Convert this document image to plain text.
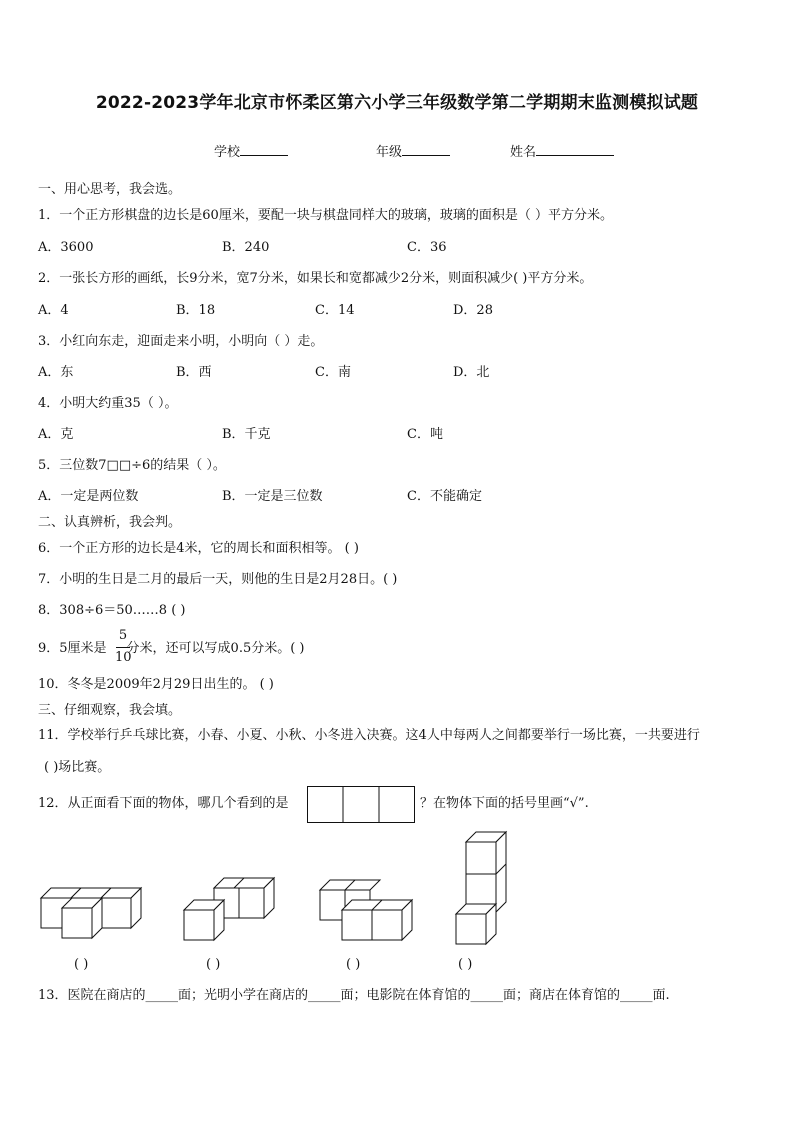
2022-2023学年北京市怀柔区第六小学三年级数学第二学期期末监测模拟试题
学校	年级	姓名
一、用心思考，我会选。
1．一个正方形棋盘的边长是60厘米，要配一块与棋盘同样大的玻璃，玻璃的面积是（ ）平方分米。
A．3600	B．240	C．36
2．一张长方形的画纸，长9分米，宽7分米，如果长和宽都减少2分米，则面积减少( )平方分米。
A．4	B．18	C．14	D．28
3．小红向东走，迎面走来小明，小明向（ ）走。
A．东	B．西	C．南	D．北
4．小明大约重35（ ）。
A．克	B．千克	C．吨
5．三位数7□□÷6的结果（ ）。
A．一定是两位数	B．一定是三位数	C．不能确定
二、认真辨析，我会判。
6．一个正方形的边长是4米，它的周长和面积相等。 ( )
7．小明的生日是二月的最后一天，则他的生日是2月28日。( )
8．308÷6＝50……8 ( )
9．5厘米是 分米，还可以写成0.5分米。( )
5
10
10．冬冬是2009年2月29日出生的。 ( )
三、仔细观察，我会填。
11．学校举行乒乓球比赛，小春、小夏、小秋、小冬进入决赛。这4人中每两人之间都要举行一场比赛，一共要进行
( )场比赛。
12．从正面看下面的物体，哪几个看到的是	？在物体下面的括号里画“√”.
( )	( )	( )	( )
13．医院在商店的_____面；光明小学在商店的_____面；电影院在体育馆的_____面；商店在体育馆的_____面.
